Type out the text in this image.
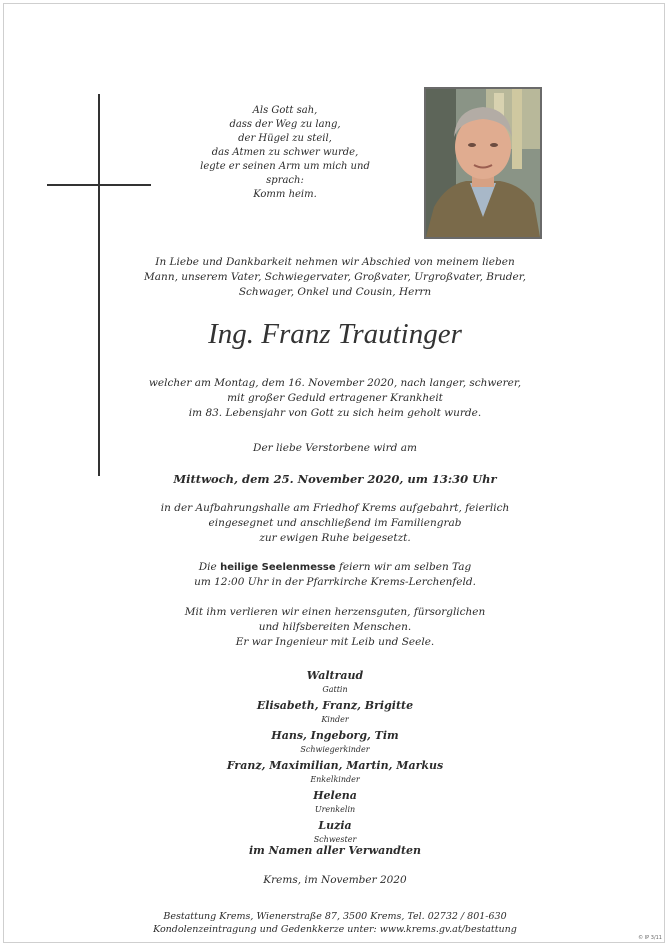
Als Gott sah,
dass der Weg zu lang,
der Hügel zu steil,
das Atmen zu schwer wurde,
legte er seinen Arm um mich und
sprach:
Komm heim.
In Liebe und Dankbarkeit nehmen wir Abschied von meinem lieben
Mann, unserem Vater, Schwiegervater, Großvater, Urgroßvater, Bruder,
Schwager, Onkel und Cousin, Herrn
Ing. Franz Trautinger
welcher am Montag, dem 16. November 2020, nach langer, schwerer,
mit großer Geduld ertragener Krankheit
im 83. Lebensjahr von Gott zu sich heim geholt wurde.
Der liebe Verstorbene wird am
Mittwoch, dem 25. November 2020, um 13:30 Uhr
in der Aufbahrungshalle am Friedhof Krems aufgebahrt, feierlich
eingesegnet und anschließend im Familiengrab
zur ewigen Ruhe beigesetzt.
Die heilige Seelenmesse feiern wir am selben Tag
um 12:00 Uhr in der Pfarrkirche Krems-Lerchenfeld.
Mit ihm verlieren wir einen herzensguten, fürsorglichen
und hilfsbereiten Menschen.
Er war Ingenieur mit Leib und Seele.
Waltraud
Gattin
Elisabeth, Franz, Brigitte
Kinder
Hans, Ingeborg, Tim
Schwiegerkinder
Franz, Maximilian, Martin, Markus
Enkelkinder
Helena
Urenkelin
Luzia
Schwester
im Namen aller Verwandten
Krems, im November 2020
Bestattung Krems, Wienerstraße 87, 3500 Krems, Tel. 02732 / 801-630
Kondolenzeintragung und Gedenkkerze unter: www.krems.gv.at/bestattung
© IP 3/11
